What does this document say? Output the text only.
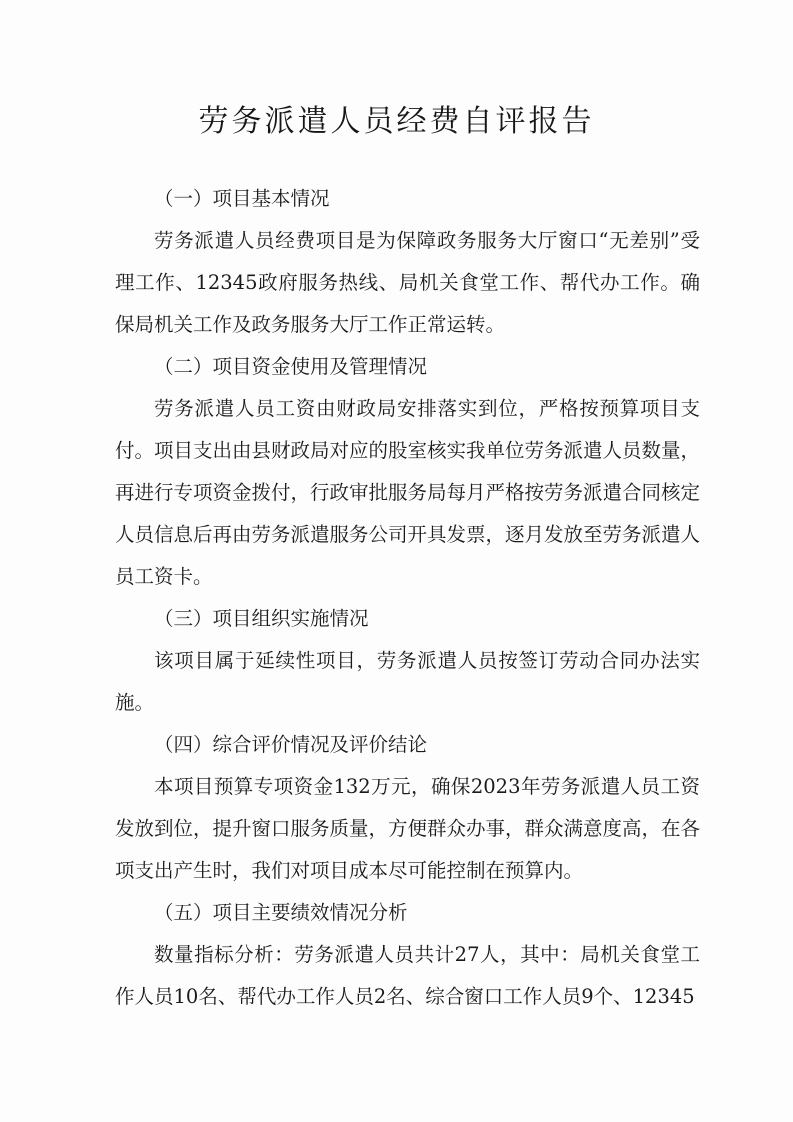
劳务派遣人员经费自评报告

（一）项目基本情况

劳务派遣人员经费项目是为保障政务服务大厅窗口“无差别”受理工作、12345政府服务热线、局机关食堂工作、帮代办工作。确保局机关工作及政务服务大厅工作正常运转。

（二）项目资金使用及管理情况

劳务派遣人员工资由财政局安排落实到位，严格按预算项目支付。项目支出由县财政局对应的股室核实我单位劳务派遣人员数量，再进行专项资金拨付，行政审批服务局每月严格按劳务派遣合同核定人员信息后再由劳务派遣服务公司开具发票，逐月发放至劳务派遣人员工资卡。

（三）项目组织实施情况

该项目属于延续性项目，劳务派遣人员按签订劳动合同办法实施。

（四）综合评价情况及评价结论

本项目预算专项资金132万元，确保2023年劳务派遣人员工资发放到位，提升窗口服务质量，方便群众办事，群众满意度高，在各项支出产生时，我们对项目成本尽可能控制在预算内。

（五）项目主要绩效情况分析

数量指标分析：劳务派遣人员共计27人，其中：局机关食堂工作人员10名、帮代办工作人员2名、综合窗口工作人员9个、12345
